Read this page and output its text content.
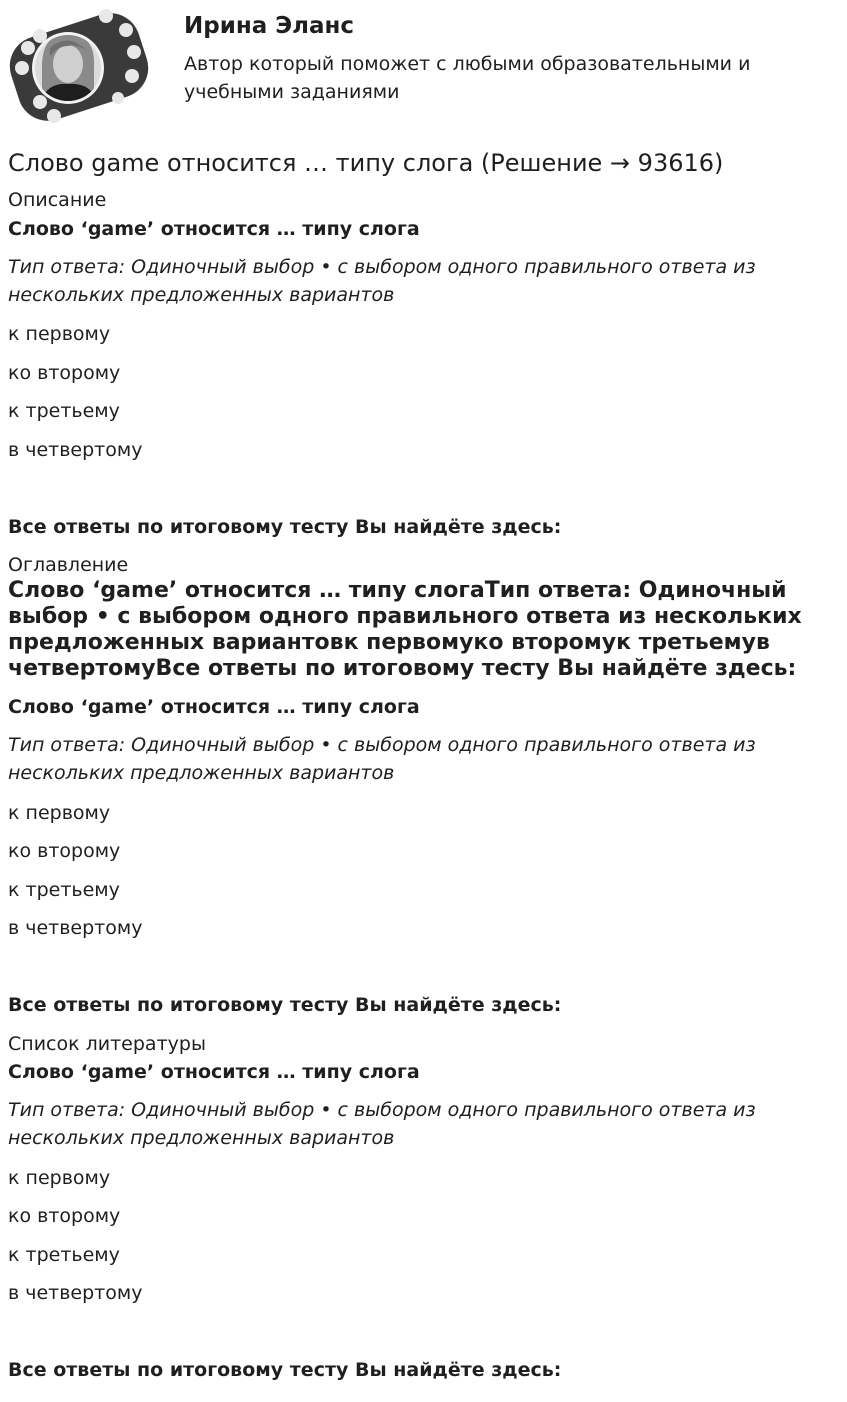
Ирина Эланс

Автор который поможет с любыми образовательными и учебными заданиями

Слово game относится … типу слога (Решение → 93616)

Описание

Слово ‘game’ относится … типу слога

Тип ответа: Одиночный выбор • с выбором одного правильного ответа из нескольких предложенных вариантов

к первому

ко второму

к третьему

в четвертому

Все ответы по итоговому тесту Вы найдёте здесь:

Оглавление

Слово ‘game’ относится … типу слогаТип ответа: Одиночный выбор • с выбором одного правильного ответа из нескольких предложенных вариантовк первомуко второмук третьемув четвертомуВсе ответы по итоговому тесту Вы найдёте здесь:

Слово ‘game’ относится … типу слога

Тип ответа: Одиночный выбор • с выбором одного правильного ответа из нескольких предложенных вариантов

к первому

ко второму

к третьему

в четвертому

Все ответы по итоговому тесту Вы найдёте здесь:

Список литературы

Слово ‘game’ относится … типу слога

Тип ответа: Одиночный выбор • с выбором одного правильного ответа из нескольких предложенных вариантов

к первому

ко второму

к третьему

в четвертому

Все ответы по итоговому тесту Вы найдёте здесь:
